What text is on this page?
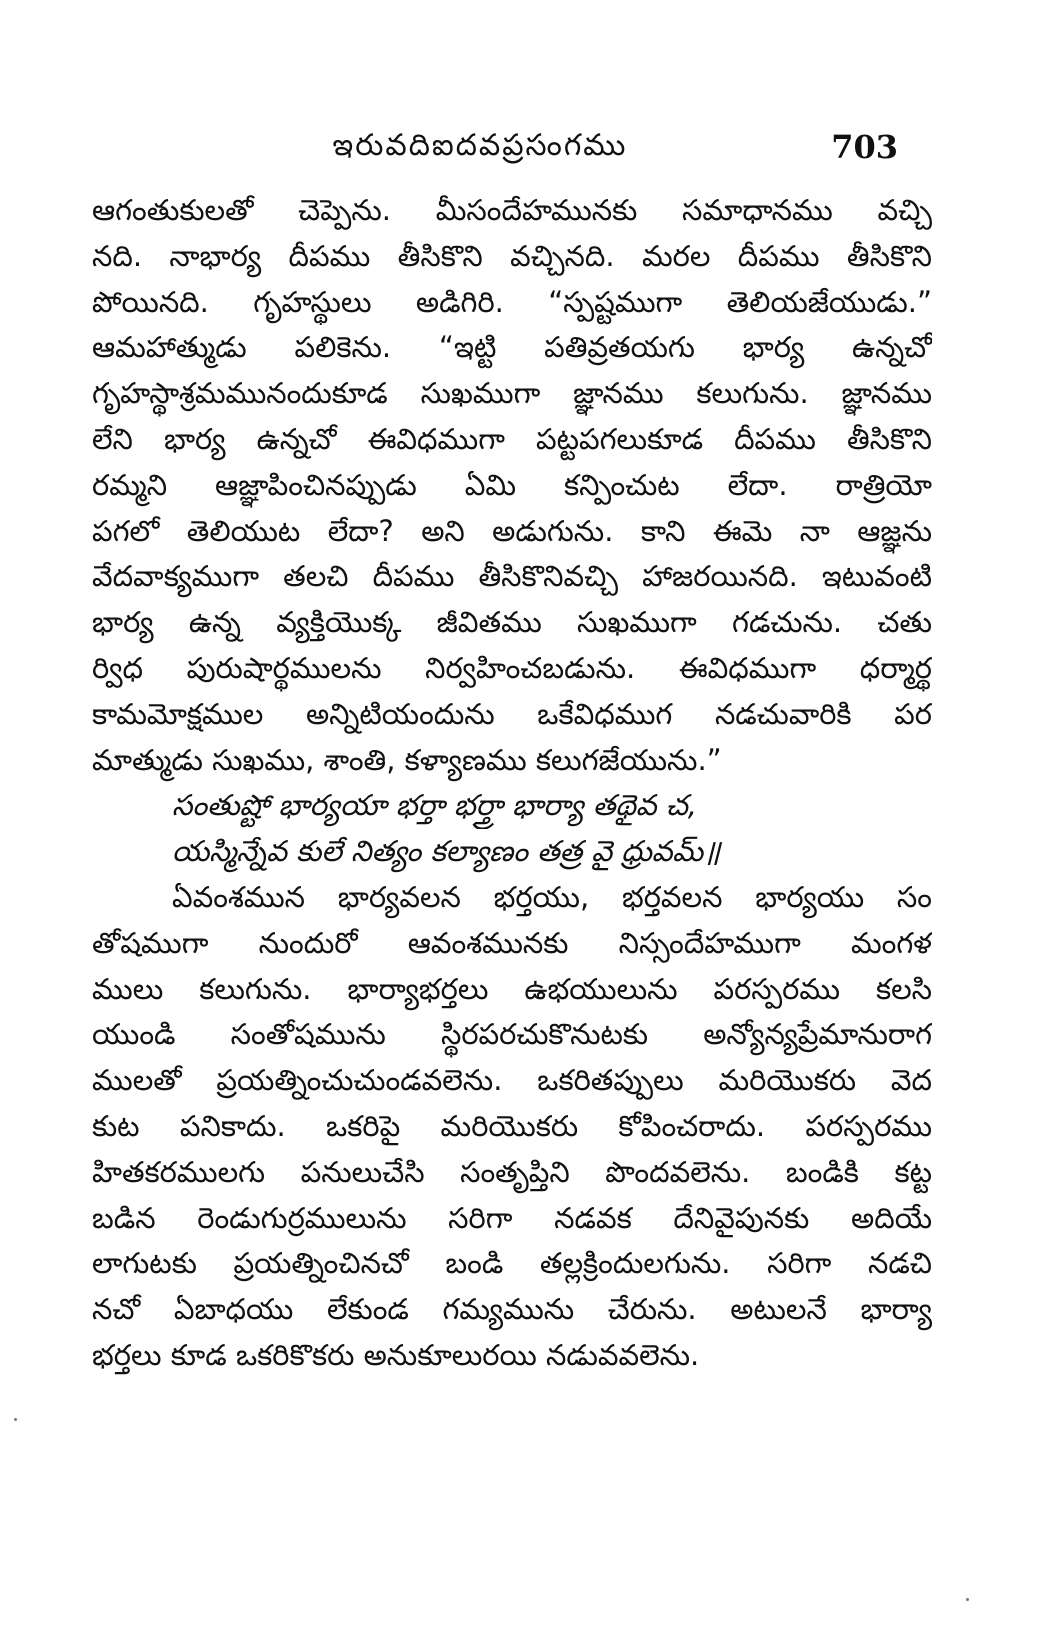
ఇరువదిఐదవప్రసంగము	703
ఆగంతుకులతో చెప్పెను. మీసందేహమునకు సమాధానము వచ్చి
నది. నాభార్య దీపము తీసికొని వచ్చినది. మరల దీపము తీసికొని
పోయినది. గృహస్థులు అడిగిరి. “స్పష్టముగా తెలియజేయుడు.”
ఆమహాత్ముడు పలికెను. “ఇట్టి పతివ్రతయగు భార్య ఉన్నచో
గృహస్థాశ్రమమునందుకూడ సుఖముగా జ్ఞానము కలుగును. జ్ఞానము
లేని భార్య ఉన్నచో ఈవిధముగా పట్టపగలుకూడ దీపము తీసికొని
రమ్మని ఆజ్ఞాపించినప్పుడు ఏమి కన్పించుట లేదా. రాత్రియో
పగలో తెలియుట లేదా? అని అడుగును. కాని ఈమె నా ఆజ్ఞను
వేదవాక్యముగా తలచి దీపము తీసికొనివచ్చి హాజరయినది. ఇటువంటి
భార్య ఉన్న వ్యక్తియొక్క జీవితము సుఖముగా గడచును. చతు
ర్విధ పురుషార్థములను నిర్వహించబడును. ఈవిధముగా ధర్మార్థ
కామమోక్షముల అన్నిటియందును ఒకేవిధముగ నడచువారికి పర
మాత్ముడు సుఖము, శాంతి, కళ్యాణము కలుగజేయును.”
సంతుష్టో భార్యయా భర్తా భర్త్రా భార్యా తథైవ చ,
యస్మిన్నేవ కులే నిత్యం కల్యాణం తత్ర వై ధ్రువమ్॥
ఏవంశమున భార్యవలన భర్తయు, భర్తవలన భార్యయు సం
తోషముగా నుందురో ఆవంశమునకు నిస్సందేహముగా మంగళ
ములు కలుగును. భార్యాభర్తలు ఉభయులును పరస్పరము కలసి
యుండి సంతోషమును స్థిరపరచుకొనుటకు అన్యోన్యప్రేమానురాగ
ములతో ప్రయత్నించుచుండవలెను. ఒకరితప్పులు మరియొకరు వెద
కుట పనికాదు. ఒకరిపై మరియొకరు కోపించరాదు. పరస్పరము
హితకరములగు పనులుచేసి సంతృప్తిని పొందవలెను. బండికి కట్ట
బడిన రెండుగుర్రములును సరిగా నడవక దేనివైపునకు అదియే
లాగుటకు ప్రయత్నించినచో బండి తల్లక్రిందులగును. సరిగా నడచి
నచో ఏబాధయు లేకుండ గమ్యమును చేరును. అటులనే భార్యా
భర్తలు కూడ ఒకరికొకరు అనుకూలురయి నడువవలెను.
